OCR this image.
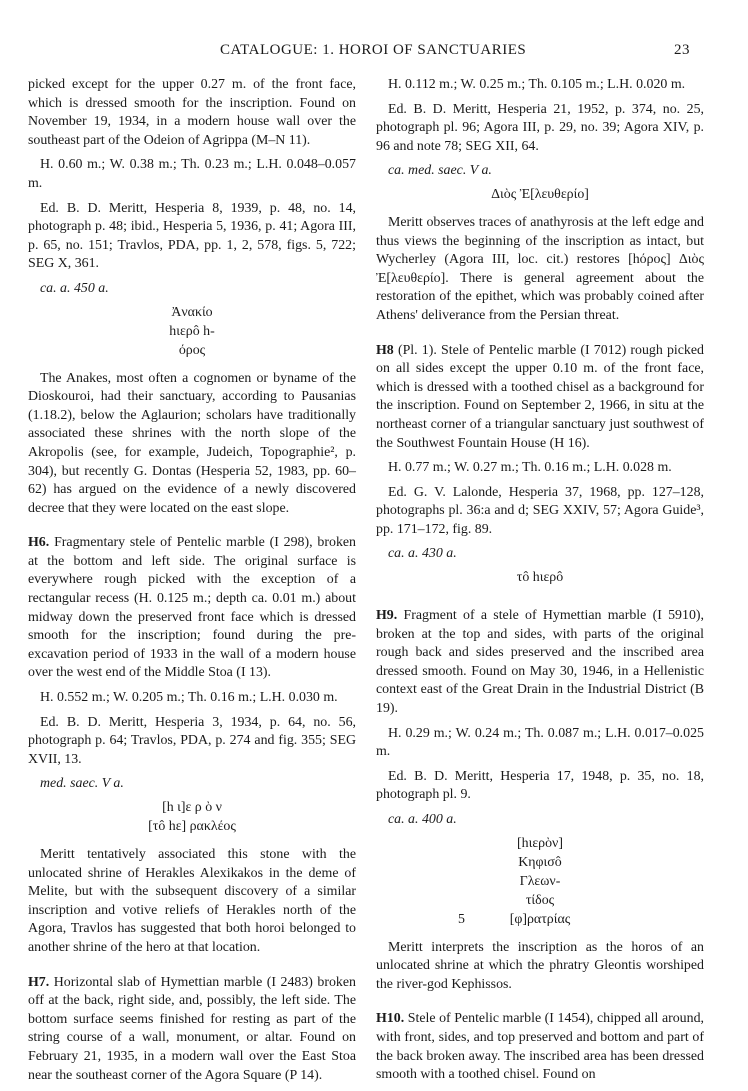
CATALOGUE: 1. HOROI OF SANCTUARIES	23

picked except for the upper 0.27 m. of the front face, which is dressed smooth for the inscription. Found on November 19, 1934, in a modern house wall over the southeast part of the Odeion of Agrippa (M–N 11).

H. 0.60 m.; W. 0.38 m.; Th. 0.23 m.; L.H. 0.048–0.057 m.

Ed. B. D. Meritt, Hesperia 8, 1939, p. 48, no. 14, photograph p. 48; ibid., Hesperia 5, 1936, p. 41; Agora III, p. 65, no. 151; Travlos, PDA, pp. 1, 2, 578, figs. 5, 722; SEG X, 361.

ca. a. 450 a.

Ἀνακίο
hιερô h-
όρος

The Anakes, most often a cognomen or byname of the Dioskouroi, had their sanctuary, according to Pausanias (1.18.2), below the Aglaurion; scholars have traditionally associated these shrines with the north slope of the Akropolis (see, for example, Judeich, Topographie², p. 304), but recently G. Dontas (Hesperia 52, 1983, pp. 60–62) has argued on the evidence of a newly discovered decree that they were located on the east slope.

H6. Fragmentary stele of Pentelic marble (I 298), broken at the bottom and left side. The original surface is everywhere rough picked with the exception of a rectangular recess (H. 0.125 m.; depth ca. 0.01 m.) about midway down the preserved front face which is dressed smooth for the inscription; found during the pre-excavation period of 1933 in the wall of a modern house over the west end of the Middle Stoa (I 13).

H. 0.552 m.; W. 0.205 m.; Th. 0.16 m.; L.H. 0.030 m.

Ed. B. D. Meritt, Hesperia 3, 1934, p. 64, no. 56, photograph p. 64; Travlos, PDA, p. 274 and fig. 355; SEG XVII, 13.

med. saec. V a.

[h ι]ε ρ ὸ ν
[τô hε] ρακλέος

Meritt tentatively associated this stone with the unlocated shrine of Herakles Alexikakos in the deme of Melite, but with the subsequent discovery of a similar inscription and votive reliefs of Herakles north of the Agora, Travlos has suggested that both horoi belonged to another shrine of the hero at that location.

H7. Horizontal slab of Hymettian marble (I 2483) broken off at the back, right side, and, possibly, the left side. The bottom surface seems finished for resting as part of the string course of a wall, monument, or altar. Found on February 21, 1935, in a modern wall over the East Stoa near the southeast corner of the Agora Square (P 14).

H. 0.112 m.; W. 0.25 m.; Th. 0.105 m.; L.H. 0.020 m.

Ed. B. D. Meritt, Hesperia 21, 1952, p. 374, no. 25, photograph pl. 96; Agora III, p. 29, no. 39; Agora XIV, p. 96 and note 78; SEG XII, 64.

ca. med. saec. V a.

Διὸς Ἐ[λευθερίο]

Meritt observes traces of anathyrosis at the left edge and thus views the beginning of the inscription as intact, but Wycherley (Agora III, loc. cit.) restores [hόρος] Διὸς Ἐ[λευθερίο]. There is general agreement about the restoration of the epithet, which was probably coined after Athens' deliverance from the Persian threat.

H8 (Pl. 1). Stele of Pentelic marble (I 7012) rough picked on all sides except the upper 0.10 m. of the front face, which is dressed with a toothed chisel as a background for the inscription. Found on September 2, 1966, in situ at the northeast corner of a triangular sanctuary just southwest of the Southwest Fountain House (H 16).

H. 0.77 m.; W. 0.27 m.; Th. 0.16 m.; L.H. 0.028 m.

Ed. G. V. Lalonde, Hesperia 37, 1968, pp. 127–128, photographs pl. 36:a and d; SEG XXIV, 57; Agora Guide³, pp. 171–172, fig. 89.

ca. a. 430 a.

τô hιερô

H9. Fragment of a stele of Hymettian marble (I 5910), broken at the top and sides, with parts of the original rough back and sides preserved and the inscribed area dressed smooth. Found on May 30, 1946, in a Hellenistic context east of the Great Drain in the Industrial District (B 19).

H. 0.29 m.; W. 0.24 m.; Th. 0.087 m.; L.H. 0.017–0.025 m.

Ed. B. D. Meritt, Hesperia 17, 1948, p. 35, no. 18, photograph pl. 9.

ca. a. 400 a.

[hιερὸν]
Κηφισô
Γλεων-
τίδος
5	[φ]ρατρίας

Meritt interprets the inscription as the horos of an unlocated shrine at which the phratry Gleontis worshiped the river-god Kephissos.

H10. Stele of Pentelic marble (I 1454), chipped all around, with front, sides, and top preserved and bottom and part of the back broken away. The inscribed area has been dressed smooth with a toothed chisel. Found on
